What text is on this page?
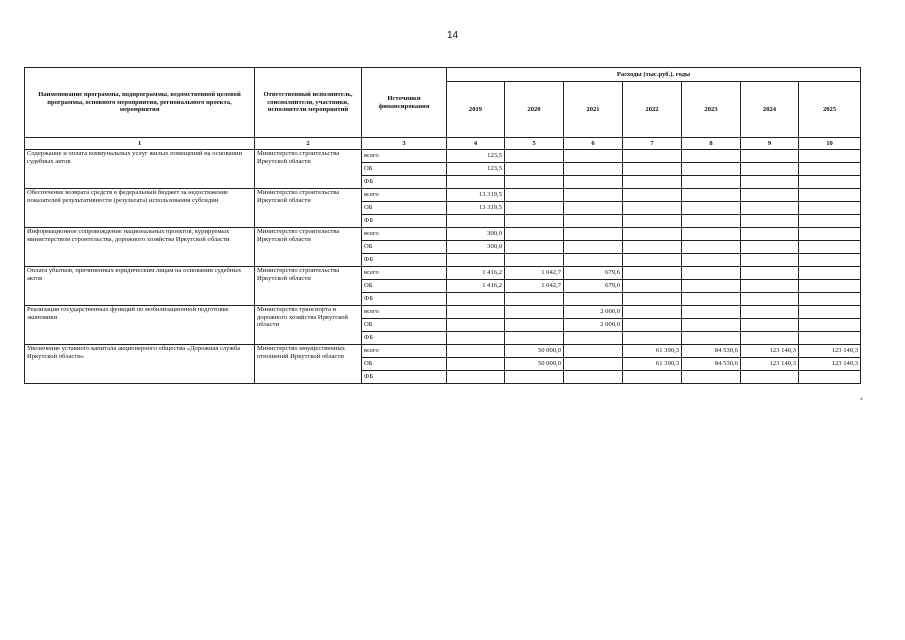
14
Наименование программы, подпрограммы, ведомственной целевой программы, основного мероприятия, регионального проекта, мероприятия	Ответственный исполнитель, соисполнители, участники, исполнители мероприятий	Источники финансирования	Расходы (тыс.руб.), годы						
			2019	2020	2021	2022	2023	2024	2025
1	2	3	4	5	6	7	8	9	10
Содержание и оплата коммунальных услуг жилых помещений на основании судебных актов	Министерство строительства Иркутской области	всего	123,5						
		ОБ	123,5						
		ФБ							
Обеспечение возврата средств в федеральный бюджет за недостижение показателей результативности (результата) использования субсидии	Министерство строительства Иркутской области	всего	13 319,5						
		ОБ	13 319,5						
		ФБ							
Информационное сопровождение национальных проектов, курируемых министерством строительства, дорожного хозяйства Иркутской области	Министерство строительства Иркутской области	всего	300,0						
		ОБ	300,0						
		ФБ							
Оплата убытков, причиненных юридическим лицам на основании судебных актов	Министерство строительства Иркутской области	всего	1 416,2	1 042,7	679,6				
		ОБ	1 416,2	1 042,7	679,6				
		ФБ							
Реализация государственных функций по мобилизационной подготовке экономики	Министерство транспорта и дорожного хозяйства Иркутской области	всего			2 000,0				
		ОБ			2 000,0				
		ФБ							
Увеличение уставного капитала акционерного общества «Дорожная служба Иркутской области»	Министерство имущественных отношений Иркутской области	всего		50 000,0		61 390,3	84 530,6	123 140,3	123 140,3
		ОБ		50 000,0		61 390,3	84 530,6	123 140,3	123 140,3
		ФБ							
»
